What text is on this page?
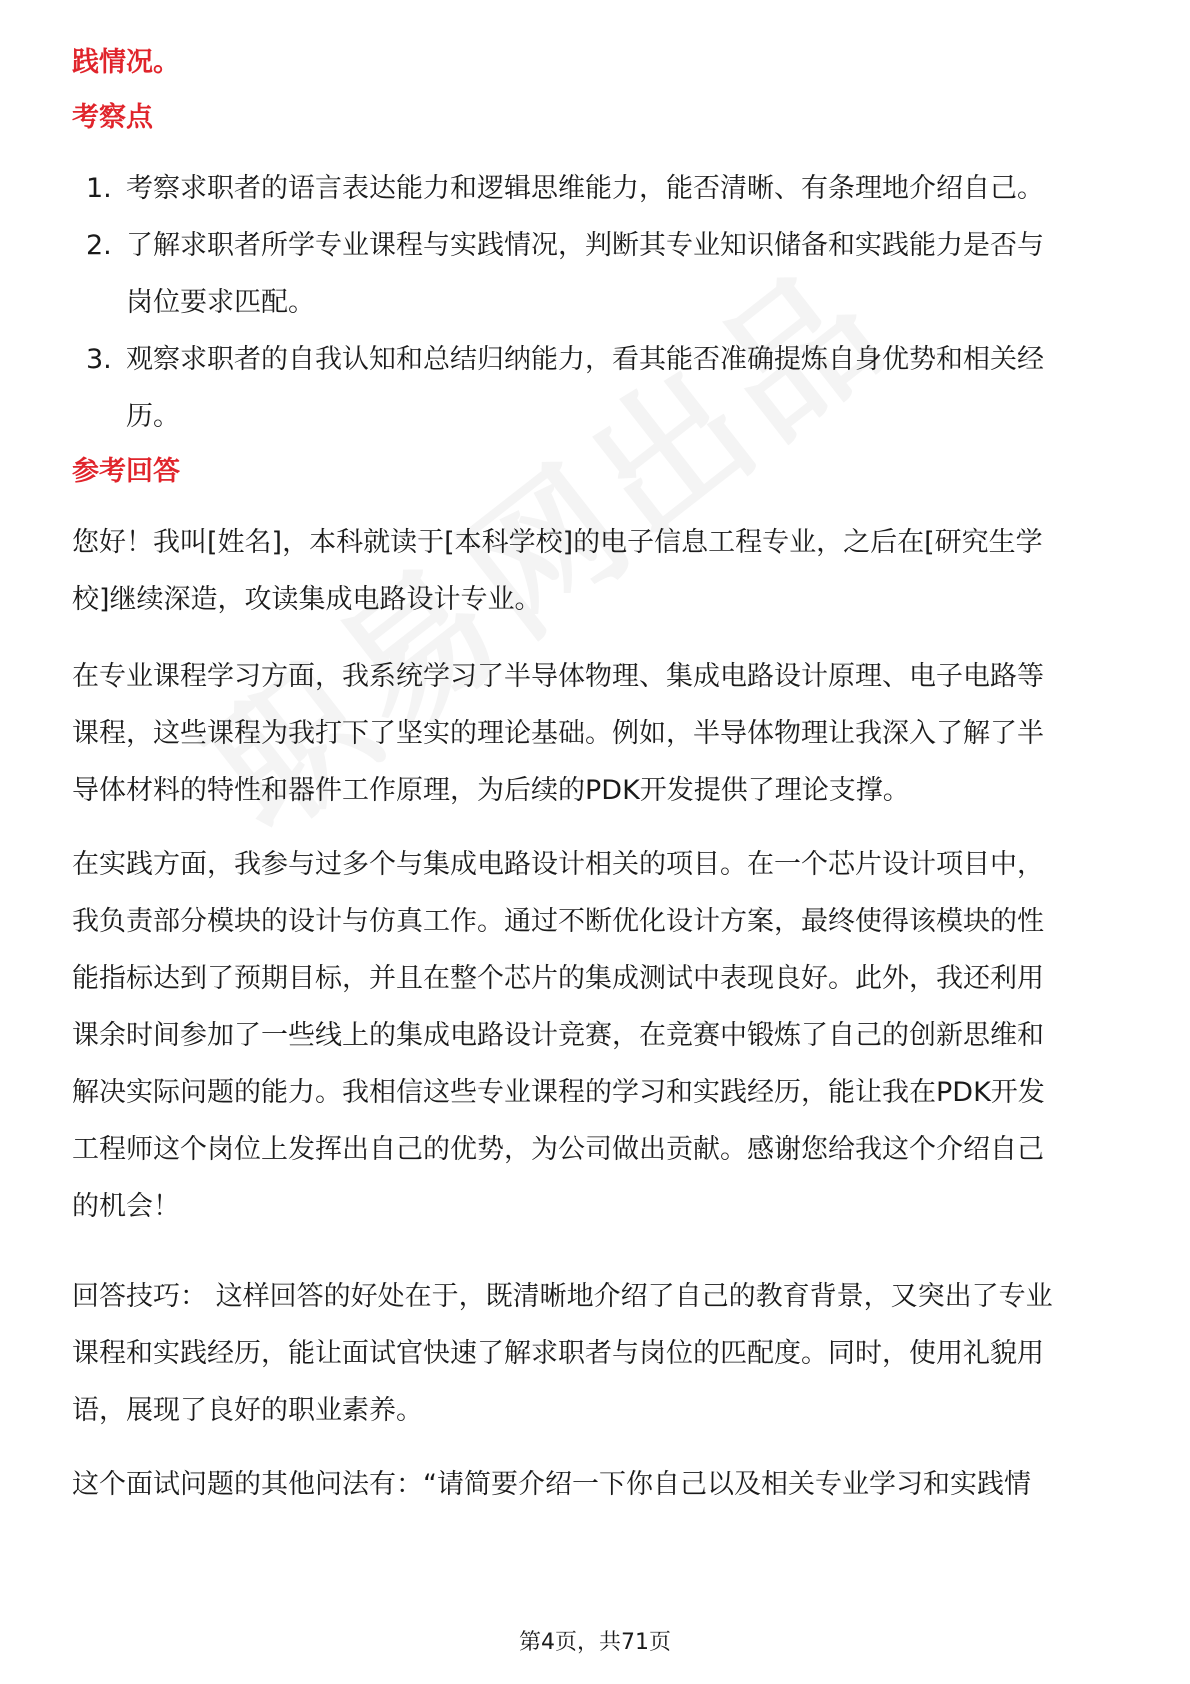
践情况。

考察点
1. 考察求职者的语言表达能力和逻辑思维能力，能否清晰、有条理地介绍自己。
2. 了解求职者所学专业课程与实践情况，判断其专业知识储备和实践能力是否与
岗位要求匹配。
3. 观察求职者的自我认知和总结归纳能力，看其能否准确提炼自身优势和相关经
历。
参考回答

您好！我叫[姓名]，本科就读于[本科学校]的电子信息工程专业，之后在[研究生学
校]继续深造，攻读集成电路设计专业。

在专业课程学习方面，我系统学习了半导体物理、集成电路设计原理、电子电路等
课程，这些课程为我打下了坚实的理论基础。例如，半导体物理让我深入了解了半
导体材料的特性和器件工作原理，为后续的PDK开发提供了理论支撑。

在实践方面，我参与过多个与集成电路设计相关的项目。在一个芯片设计项目中，
我负责部分模块的设计与仿真工作。通过不断优化设计方案，最终使得该模块的性
能指标达到了预期目标，并且在整个芯片的集成测试中表现良好。此外，我还利用
课余时间参加了一些线上的集成电路设计竞赛，在竞赛中锻炼了自己的创新思维和
解决实际问题的能力。我相信这些专业课程的学习和实践经历，能让我在PDK开发
工程师这个岗位上发挥出自己的优势，为公司做出贡献。感谢您给我这个介绍自己
的机会！

回答技巧： 这样回答的好处在于，既清晰地介绍了自己的教育背景，又突出了专业
课程和实践经历，能让面试官快速了解求职者与岗位的匹配度。同时，使用礼貌用
语，展现了良好的职业素养。

这个面试问题的其他问法有：“请简要介绍一下你自己以及相关专业学习和实践情

第4页，共71页
